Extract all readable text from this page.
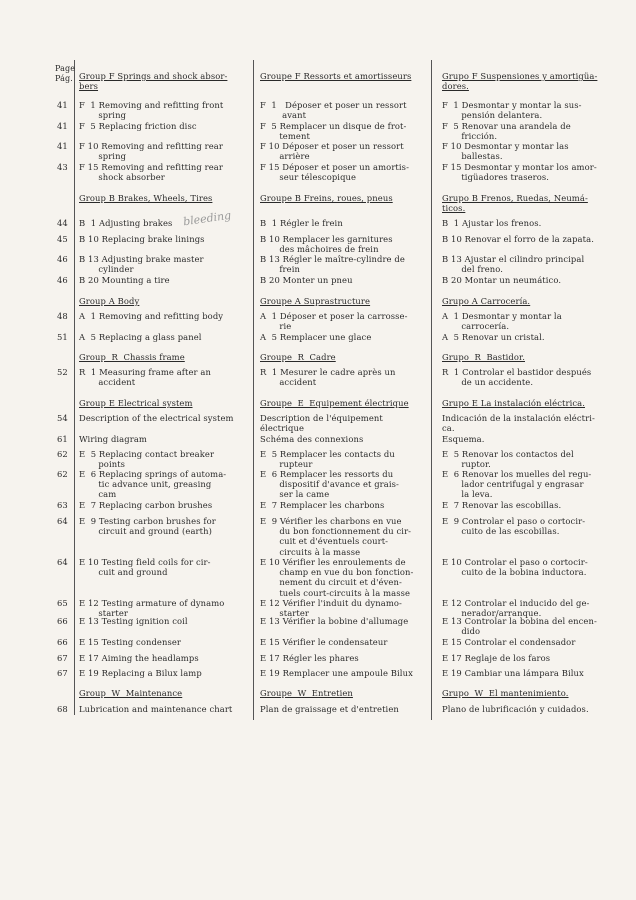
Page
Pág. Group F Springs and shock absor-
bers
F  1 Removing and refitting front
spring
41
F  5 Replacing friction disc
41
F 10 Removing and refitting rear
spring
41
F 15 Removing and refitting rear
shock absorber
43
Group B Brakes, Wheels, Tires
B  1 Adjusting brakes
44
B 10 Replacing brake linings
45
B 13 Adjusting brake master
cylinder
46
B 20 Mounting a tire
46
Group A Body
A  1 Removing and refitting body
48
A  5 Replacing a glass panel
51
Group  R  Chassis frame
R  1 Measuring frame after an
accident
52
Group E Electrical system
Description of the electrical system
54
Wiring diagram
61
E  5 Replacing contact breaker
points
62
E  6 Replacing springs of automa-
tic advance unit, greasing
cam
62
E  7 Replacing carbon brushes
63
E  9 Testing carbon brushes for
circuit and ground (earth)
64
E 10 Testing field coils for cir-
cuit and ground
64
E 12 Testing armature of dynamo
starter
65
E 13 Testing ignition coil
66
E 15 Testing condenser
66
E 17 Aiming the headlamps
67
E 19 Replacing a Bilux lamp
67
Group  W  Maintenance
Lubrication and maintenance chart
68
Groupe F Ressorts et amortisseurs
F  1   Déposer et poser un ressort
avant
F  5 Remplacer un disque de frot-
tement
F 10 Déposer et poser un ressort
arrière
F 15 Déposer et poser un amortis-
seur télescopique
Groupe B Freins, roues, pneus
B  1 Régler le frein
B 10 Remplacer les garnitures
des mâchoires de frein
B 13 Régler le maître-cylindre de
frein
B 20 Monter un pneu
Groupe A Suprastructure
A  1 Déposer et poser la carrosse-
rie
A  5 Remplacer une glace
Groupe  R  Cadre
R  1 Mesurer le cadre après un
accident
Groupe  E  Equipement électrique
Description de l'équipement
électrique
Schéma des connexions
E  5 Remplacer les contacts du
rupteur
E  6 Remplacer les ressorts du
dispositif d'avance et grais-
ser la came
E  7 Remplacer les charbons
E  9 Vérifier les charbons en vue
du bon fonctionnement du cir-
cuit et d'éventuels court-
circuits à la masse
E 10 Vérifier les enroulements de
champ en vue du bon fonction-
nement du circuit et d'éven-
tuels court-circuits à la masse
E 12 Vérifier l'induit du dynamo-
starter
E 13 Vérifier la bobine d'allumage
E 15 Vérifier le condensateur
E 17 Régler les phares
E 19 Remplacer une ampoule Bilux
Groupe  W  Entretien
Plan de graissage et d'entretien
Grupo F Suspensiones y amortigüa-
dores.
F  1 Desmontar y montar la sus-
pensión delantera.
F  5 Renovar una arandela de
fricción.
F 10 Desmontar y montar las
ballestas.
F 15 Desmontar y montar los amor-
tigüadores traseros.
Grupo B Frenos, Ruedas, Neumá-
ticos.
B  1 Ajustar los frenos.
B 10 Renovar el forro de la zapata.
B 13 Ajustar el cilindro principal
del freno.
B 20 Montar un neumático.
Grupo A Carrocería.
A  1 Desmontar y montar la
carrocería.
A  5 Renovar un cristal.
Grupo  R  Bastidor.
R  1 Controlar el bastidor después
de un accidente.
Grupo E La instalación eléctrica.
Indicación de la instalación eléctri-
ca.
Esquema.
E  5 Renovar los contactos del
ruptor.
E  6 Renovar los muelles del regu-
lador centrifugal y engrasar
la leva.
E  7 Renovar las escobillas.
E  9 Controlar el paso o cortocir-
cuito de las escobillas.
E 10 Controlar el paso o cortocir-
cuito de la bobina inductora.
E 12 Controlar el inducido del ge-
nerador/arranque.
E 13 Controlar la bobina del encen-
dido
E 15 Controlar el condensador
E 17 Reglaje de los faros
E 19 Cambiar una lámpara Bilux
Grupo  W  El mantenimiento.
Plano de lubrificación y cuidados.
bleeding
